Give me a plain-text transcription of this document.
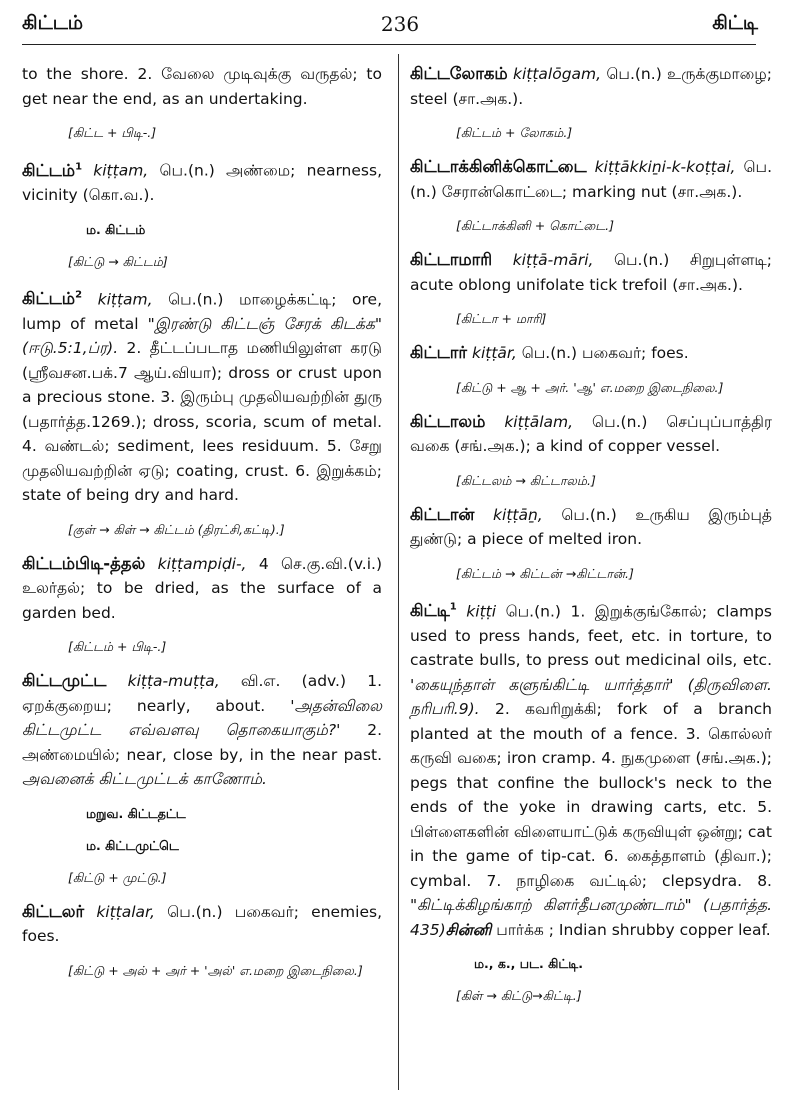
கிட்டம்	236	கிட்டி

to the shore. 2. வேலை முடிவுக்கு வருதல்; to get near the end, as an undertaking.

[கிட்ட + பிடி-.]

கிட்டம்$^1$ kiṭṭam, பெ.(n.) அண்மை; nearness, vicinity (கொ.வ.).

ம. கிட்டம்
[கிட்டு → கிட்டம்]

கிட்டம்$^2$ kiṭṭam, பெ.(n.) மாழைக்கட்டி; ore, lump of metal "இரண்டு கிட்டஞ் சேரக் கிடக்க" (ஈடு.5:1,ப்ர). 2. தீட்டப்படாத மணியிலுள்ள கரடு (ஸ்ரீவசன.பக்.7 ஆய்.வியா); dross or crust upon a precious stone. 3. இரும்பு முதலியவற்றின் துரு (பதார்த்த.1269.); dross, scoria, scum of metal. 4. வண்டல்; sediment, lees residuum. 5. சேறு முதலியவற்றின் ஏடு; coating, crust. 6. இறுக்கம்; state of being dry and hard.

[குள் → கிள் → கிட்டம் (திரட்சி,கட்டி).]

கிட்டம்பிடி-த்தல் kiṭṭampiḍi-, 4 செ.கு.வி.(v.i.) உலர்தல்; to be dried, as the surface of a garden bed.

[கிட்டம் + பிடி-.]

கிட்டமுட்ட kiṭṭa-muṭṭa, வி.எ. (adv.) 1. ஏறக்குறைய; nearly, about. 'அதன்விலை கிட்டமுட்ட எவ்வளவு தொகையாகும்?' 2. அண்மையில்; near, close by, in the near past. அவனைக் கிட்டமுட்டக் காணோம்.

மறுவ. கிட்டதட்ட
ம. கிட்டமுட்டெ
[கிட்டு + முட்டு.]

கிட்டலர் kiṭṭalar, பெ.(n.) பகைவர்; enemies, foes.

[கிட்டு + அல் + அர் + 'அல்' எ.மறை இடைநிலை.]

கிட்டலோகம் kiṭṭalōgam, பெ.(n.) உருக்குமாழை; steel (சா.அக.).

[கிட்டம் + லோகம்.]

கிட்டாக்கினிக்கொட்டை kiṭṭākkiṉi-k-koṭṭai, பெ.(n.) சேரான்கொட்டை; marking nut (சா.அக.).

[கிட்டாக்கினி + கொட்டை.]

கிட்டாமாரி kiṭṭā-māri, பெ.(n.) சிறுபுள்ளடி; acute oblong unifolate tick trefoil (சா.அக.).

[கிட்டா + மாரி]

கிட்டார் kiṭṭār, பெ.(n.) பகைவர்; foes.

[கிட்டு + ஆ + அர். 'ஆ' எ.மறை இடைநிலை.]

கிட்டாலம் kiṭṭālam, பெ.(n.) செப்புப்பாத்திர வகை (சங்.அக.); a kind of copper vessel.

[கிட்டலம் → கிட்டாலம்.]

கிட்டான் kiṭṭāṉ, பெ.(n.) உருகிய இரும்புத் துண்டு; a piece of melted iron.

[கிட்டம் → கிட்டன் →கிட்டான்.]

கிட்டி$^1$ kiṭṭi பெ.(n.) 1. இறுக்குங்கோல்; clamps used to press hands, feet, etc. in torture, to castrate bulls, to press out medicinal oils, etc. 'கையுந்தாள் களுங்கிட்டி யார்த்தார்' (திருவிளை. நரிபரி.9). 2. கவரிறுக்கி; fork of a branch planted at the mouth of a fence. 3. கொல்லர் கருவி வகை; iron cramp. 4. நுகமுளை (சங்.அக.); pegs that confine the bullock's neck to the ends of the yoke in drawing carts, etc. 5. பிள்ளைகளின் விளையாட்டுக் கருவியுள் ஒன்று; cat in the game of tip-cat. 6. கைத்தாளம் (திவா.); cymbal. 7. நாழிகை வட்டில்; clepsydra. 8. "கிட்டிக்கிழங்காற் கிளர்தீபனமுண்டாம்" (பதார்த்த. 435)சின்னி பார்க்க ; Indian shrubby copper leaf.

ம., க., பட. கிட்டி.
[கிள் → கிட்டு→கிட்டி.]
